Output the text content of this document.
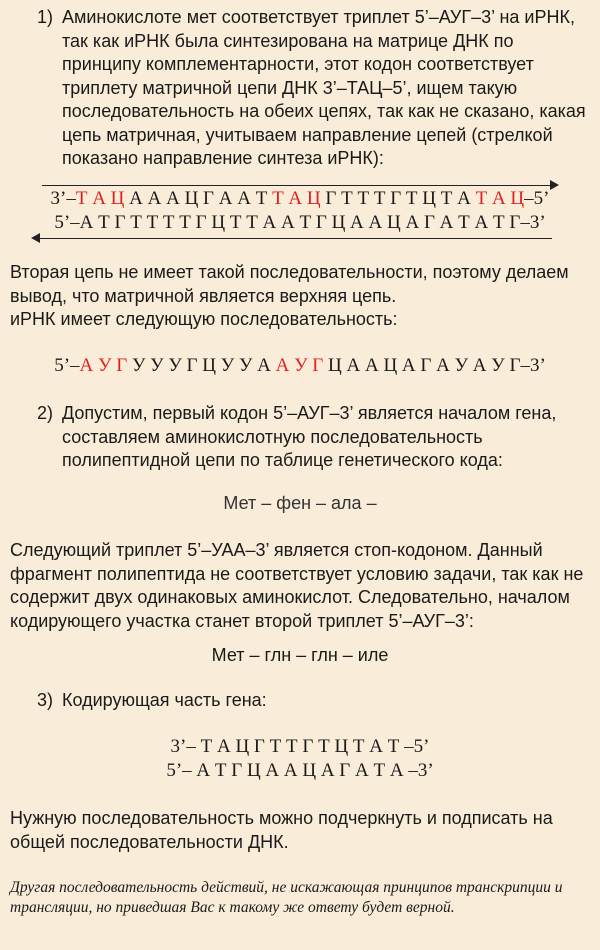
1) Аминокислоте мет соответствует триплет 5’–АУГ–3’ на иРНК, так как иРНК была синтезирована на матрице ДНК по принципу комплементарности, этот кодон соответствует триплету матричной цепи ДНК 3’–ТАЦ–5’, ищем такую последовательность на обеих цепях, так как не сказано, какая цепь матричная, учитываем направление цепей (стрелкой показано направление синтеза иРНК):
3’–Т А Ц А А А Ц Г А А Т Т А Ц Г Т Т Т Г Т Ц Т А Т А Ц–5’
5’–А Т Г Т Т Т Т Г Ц Т Т А А Т Г Ц А А Ц А Г А Т А Т Г–3’
Вторая цепь не имеет такой последовательности, поэтому делаем вывод, что матричной является верхняя цепь.
иРНК имеет следующую последовательность:
5’–А У Г У У У Г Ц У У А А У Г Ц А А Ц А Г А У А У Г–3’
2) Допустим, первый кодон 5’–АУГ–3’ является началом гена, составляем аминокислотную последовательность полипептидной цепи по таблице генетического кода:
Мет – фен – ала –
Следующий триплет 5’–УАА–3’ является стоп-кодоном. Данный фрагмент полипептида не соответствует условию задачи, так как не содержит двух одинаковых аминокислот. Следовательно, началом кодирующего участка станет второй триплет 5’–АУГ–3’:
Мет – глн – глн – иле
3) Кодирующая часть гена:
3’– Т А Ц Г Т Т Г Т Ц Т А Т –5’
5’– А Т Г Ц А А Ц А Г А Т А –3’
Нужную последовательность можно подчеркнуть и подписать на общей последовательности ДНК.
Другая последовательность действий, не искажающая принципов транскрипции и трансляции, но приведшая Вас к такому же ответу будет верной.
